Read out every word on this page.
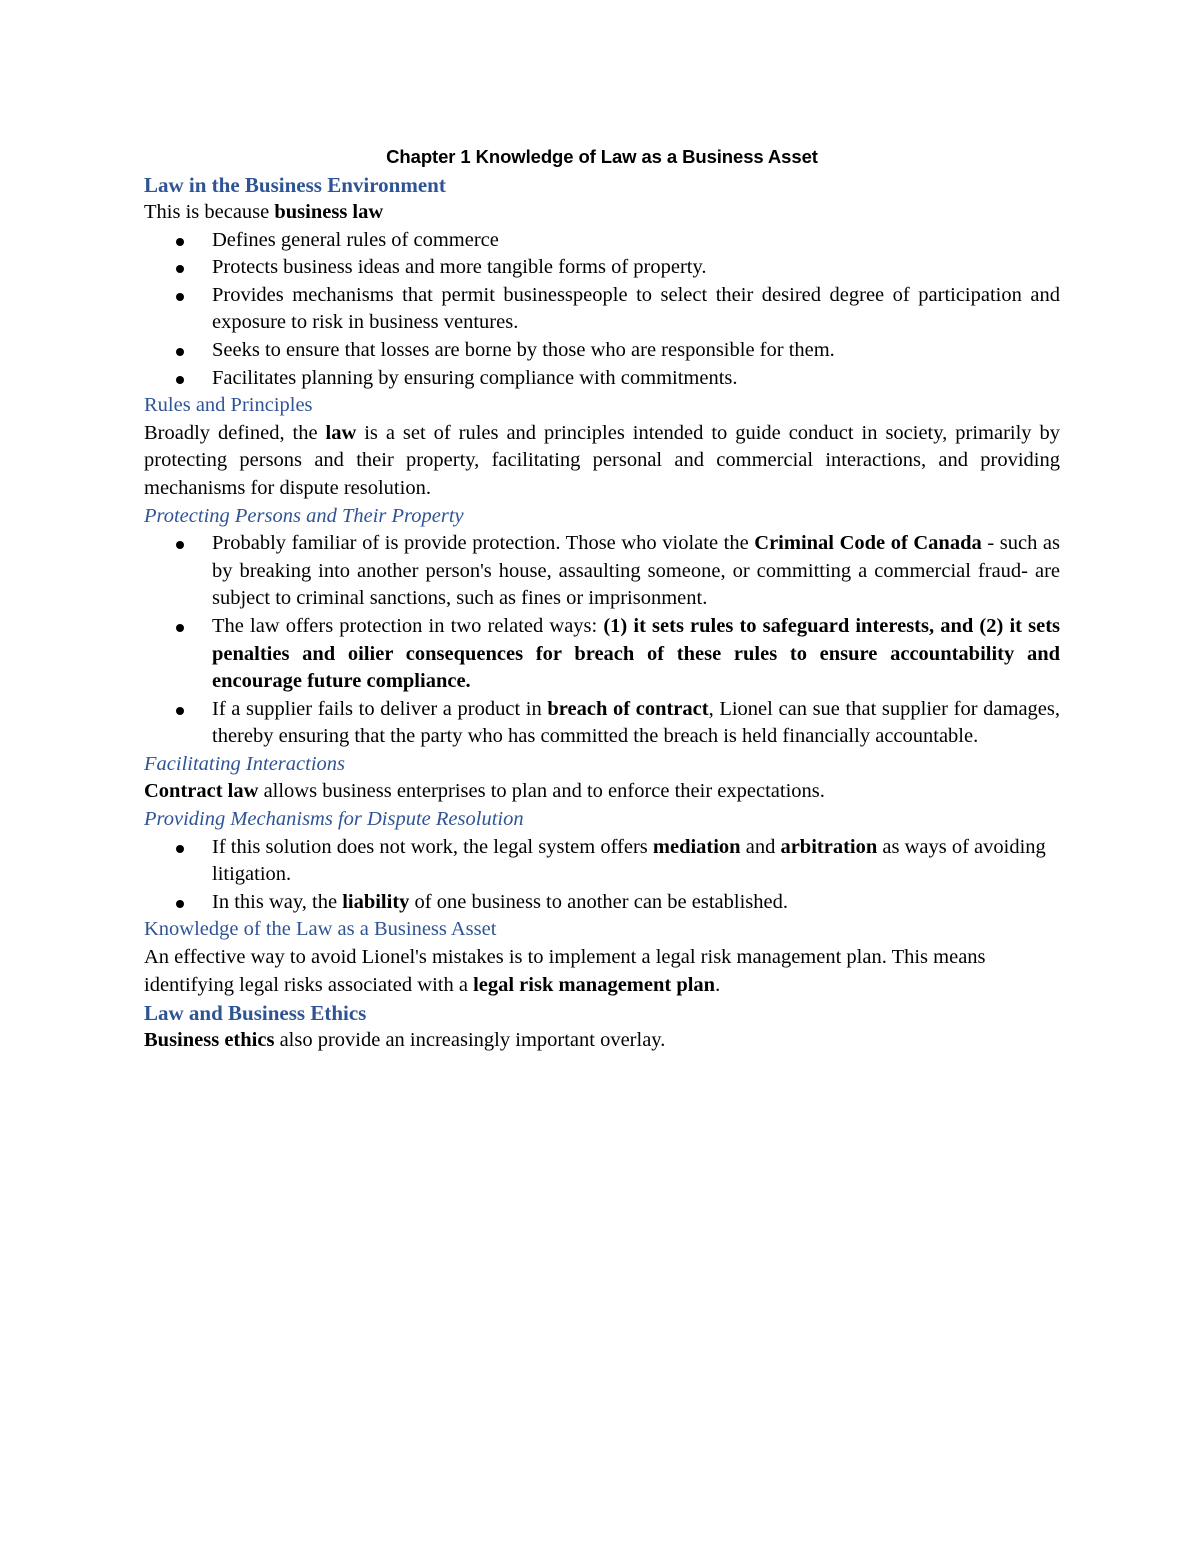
Chapter 1 Knowledge of Law as a Business Asset

Law in the Business Environment

This is because business law

Defines general rules of commerce
Protects business ideas and more tangible forms of property.
Provides mechanisms that permit businesspeople to select their desired degree of participation and exposure to risk in business ventures.
Seeks to ensure that losses are borne by those who are responsible for them.
Facilitates planning by ensuring compliance with commitments.

Rules and Principles

Broadly defined, the law is a set of rules and principles intended to guide conduct in society, primarily by protecting persons and their property, facilitating personal and commercial interactions, and providing mechanisms for dispute resolution.

Protecting Persons and Their Property

Probably familiar of is provide protection. Those who violate the Criminal Code of Canada - such as by breaking into another person's house, assaulting someone, or committing a commercial fraud- are subject to criminal sanctions, such as fines or imprisonment.
The law offers protection in two related ways: (1) it sets rules to safeguard interests, and (2) it sets penalties and oilier consequences for breach of these rules to ensure accountability and encourage future compliance.
If a supplier fails to deliver a product in breach of contract, Lionel can sue that supplier for damages, thereby ensuring that the party who has committed the breach is held financially accountable.

Facilitating Interactions

Contract law allows business enterprises to plan and to enforce their expectations.

Providing Mechanisms for Dispute Resolution

If this solution does not work, the legal system offers mediation and arbitration as ways of avoiding litigation.
In this way, the liability of one business to another can be established.

Knowledge of the Law as a Business Asset

An effective way to avoid Lionel's mistakes is to implement a legal risk management plan. This means identifying legal risks associated with a legal risk management plan.

Law and Business Ethics

Business ethics also provide an increasingly important overlay.
